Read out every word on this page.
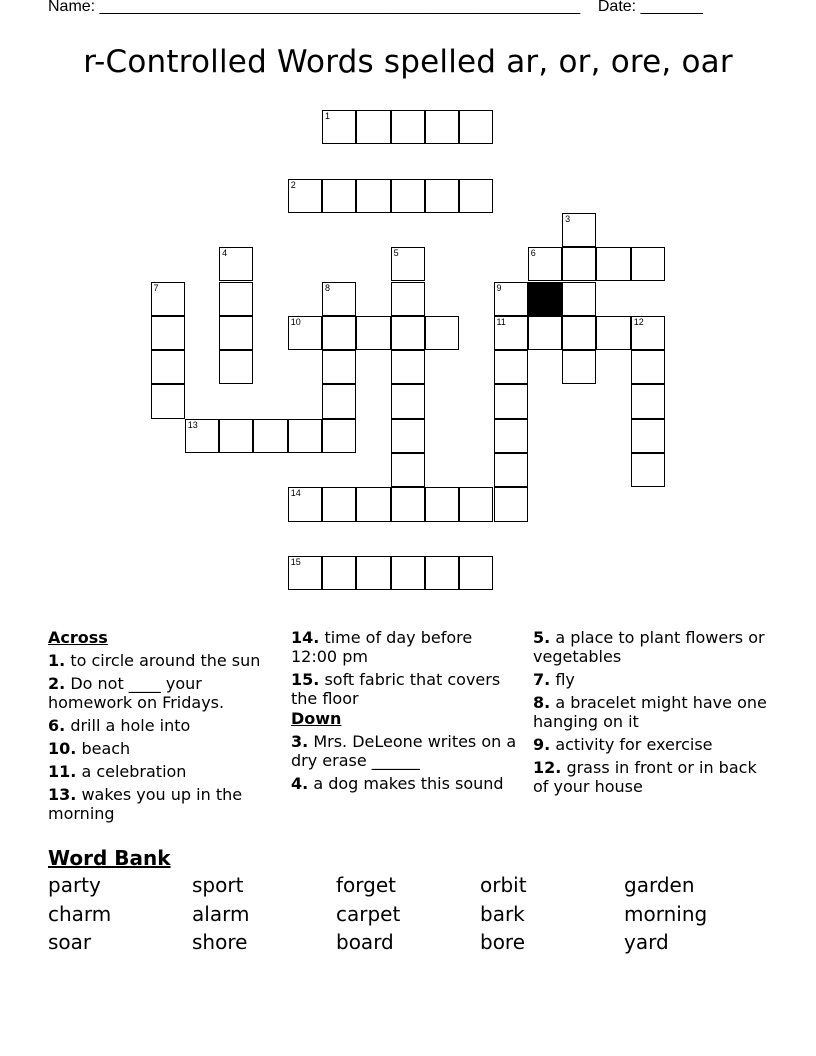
Name: ______________________________________________________ Date: _______
r-Controlled Words spelled ar, or, ore, oar
1
2
6
10	11	12
13
14
15
3
4	5
7	8	9
Across
1. to circle around the sun
2. Do not ____ your homework on Fridays.
6. drill a hole into
10. beach
11. a celebration
13. wakes you up in the morning
14. time of day before 12:00 pm
15. soft fabric that covers the floor
Down
3. Mrs. DeLeone writes on a dry erase ______
4. a dog makes this sound
5. a place to plant flowers or vegetables
7. fly
8. a bracelet might have one hanging on it
9. activity for exercise
12. grass in front or in back of your house
Word Bank
party	sport	forget	orbit	garden
charm	alarm	carpet	bark	morning
soar	shore	board	bore	yard
